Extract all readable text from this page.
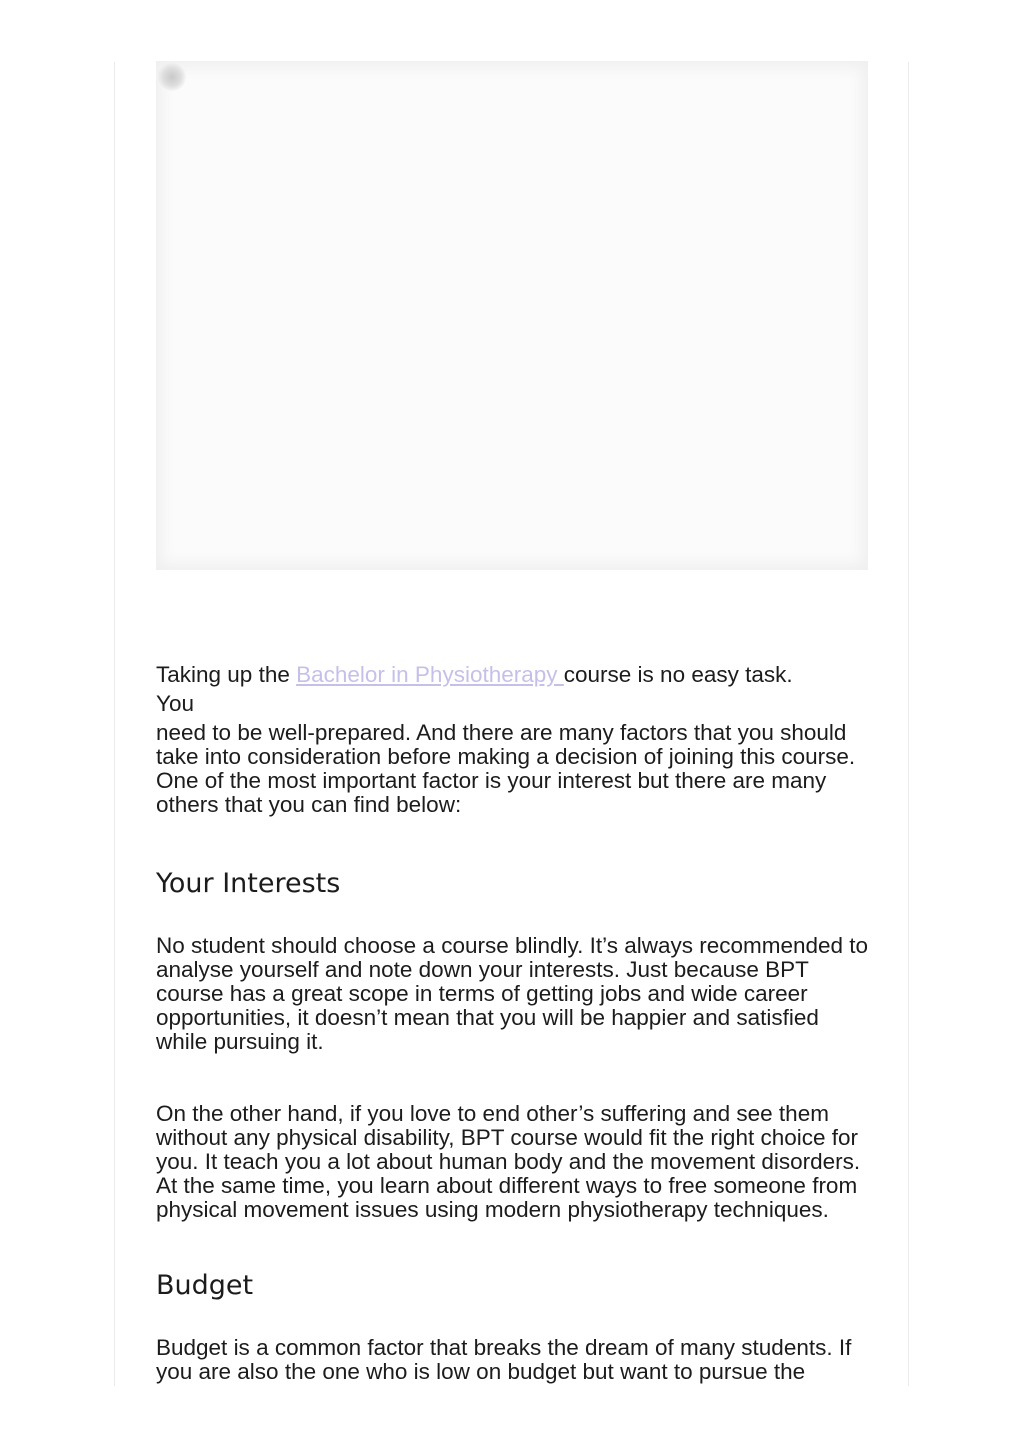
Taking up the Bachelor in Physiotherapy course is no easy task.
You

need to be well-prepared. And there are many factors that you should take into consideration before making a decision of joining this course. One of the most important factor is your interest but there are many others that you can find below:

Your Interests

No student should choose a course blindly. It’s always recommended to analyse yourself and note down your interests. Just because BPT course has a great scope in terms of getting jobs and wide career opportunities, it doesn’t mean that you will be happier and satisfied
while pursuing it.

On the other hand, if you love to end other’s suffering and see them without any physical disability, BPT course would fit the right choice for you. It teach you a lot about human body and the movement disorders. At the same time, you learn about different ways to free someone from physical movement issues using modern physiotherapy techniques.

Budget

Budget is a common factor that breaks the dream of many students. If you are also the one who is low on budget but want to pursue the
